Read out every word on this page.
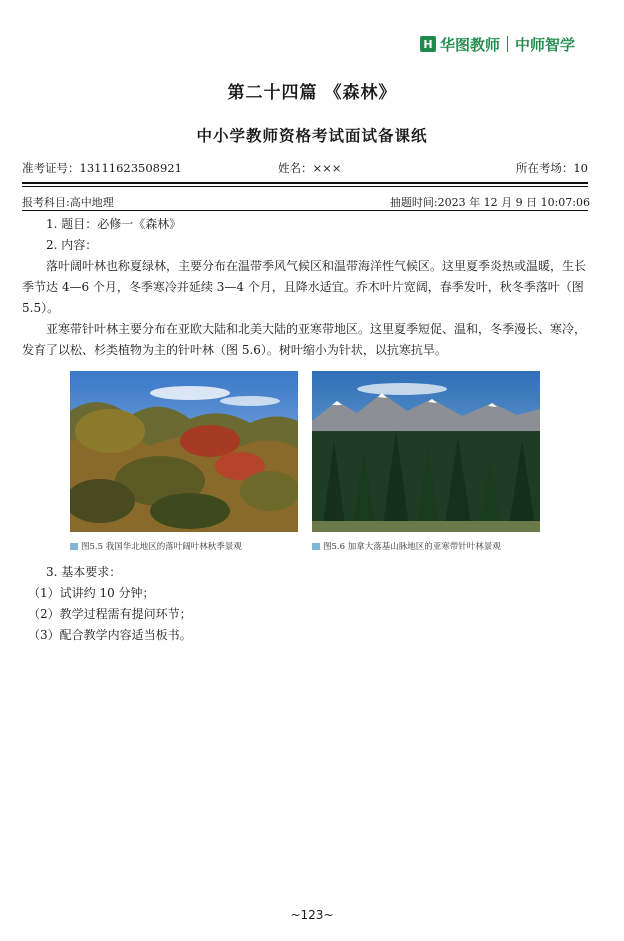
H 华图教师 中师智学
第二十四篇 《森林》
中小学教师资格考试面试备课纸
准考证号：13111623508921	姓名：×××	所在考场：10
报考科目:高中地理	抽题时间:2023 年 12 月 9 日 10:07:06
1. 题目：必修一《森林》
2. 内容：

落叶阔叶林也称夏绿林，主要分布在温带季风气候区和温带海洋性气候区。这里夏季炎热或温暖，生长季节达 4—6 个月，冬季寒冷并延续 3—4 个月，且降水适宜。乔木叶片宽阔，春季发叶，秋冬季落叶（图 5.5）。

亚寒带针叶林主要分布在亚欧大陆和北美大陆的亚寒带地区。这里夏季短促、温和，冬季漫长、寒冷，发育了以松、杉类植物为主的针叶林（图 5.6）。树叶缩小为针状，以抗寒抗旱。

图5.5 我国华北地区的落叶阔叶林秋季景观	图5.6 加拿大落基山脉地区的亚寒带针叶林景观
3. 基本要求：
（1）试讲约 10 分钟；
（2）教学过程需有提问环节；
（3）配合教学内容适当板书。
~123~
